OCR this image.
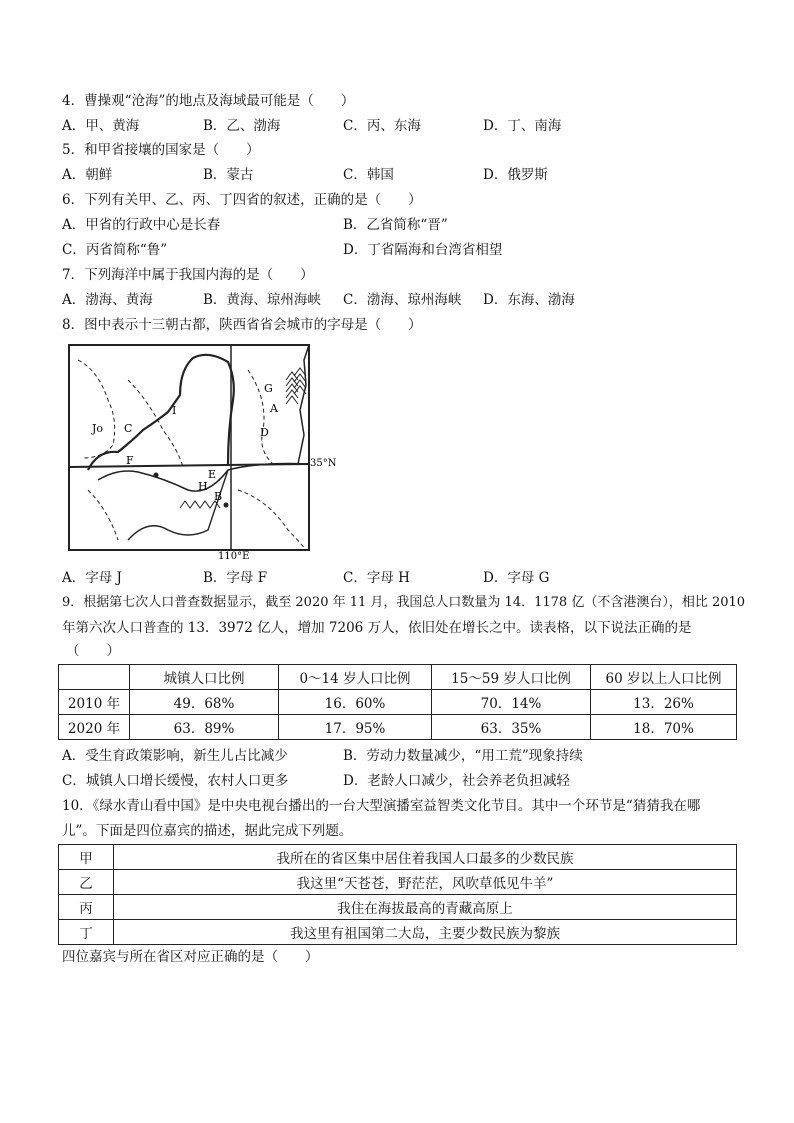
4．曹操观“沧海”的地点及海域最可能是（　　）
A．甲、黄海	B．乙、渤海	C．丙、东海	D．丁、南海
5．和甲省接壤的国家是（　　）
A．朝鲜	B．蒙古	C．韩国	D．俄罗斯
6．下列有关甲、乙、丙、丁四省的叙述，正确的是（　　）
A．甲省的行政中心是长春	B．乙省简称“晋”
C．丙省简称“鲁”	D．丁省隔海和台湾省相望
7．下列海洋中属于我国内海的是（　　）
A．渤海、黄海	B．黄海、琼州海峡 C．渤海、琼州海峡 D．东海、渤海
8．图中表示十三朝古都，陕西省省会城市的字母是（　　）
G
A
D
C
I
Jo
F
E
H
B
35°N
110°E
A．字母 J	B．字母 F	C．字母 H	D．字母 G
9．根据第七次人口普查数据显示，截至 2020 年 11 月，我国总人口数量为 14．1178 亿（不含港澳台），相比 2010
年第六次人口普查的 13．3972 亿人，增加 7206 万人，依旧处在增长之中。读表格，以下说法正确的是
（　　）
	城镇人口比例	0～14 岁人口比例	15～59 岁人口比例	60 岁以上人口比例
2010 年	49．68%	16．60%	70．14%	13．26%
2020 年	63．89%	17．95%	63．35%	18．70%
A．受生育政策影响，新生儿占比减少	B．劳动力数量减少，“用工荒”现象持续
C．城镇人口增长缓慢，农村人口更多	D．老龄人口减少，社会养老负担减轻
10．《绿水青山看中国》是中央电视台播出的一台大型演播室益智类文化节目。其中一个环节是“猜猜我在哪
儿”。下面是四位嘉宾的描述，据此完成下列题。
甲	我所在的省区集中居住着我国人口最多的少数民族
乙	我这里“天苍苍，野茫茫，风吹草低见牛羊”
丙	我住在海拔最高的青藏高原上
丁	我这里有祖国第二大岛，主要少数民族为黎族
四位嘉宾与所在省区对应正确的是（　　）
